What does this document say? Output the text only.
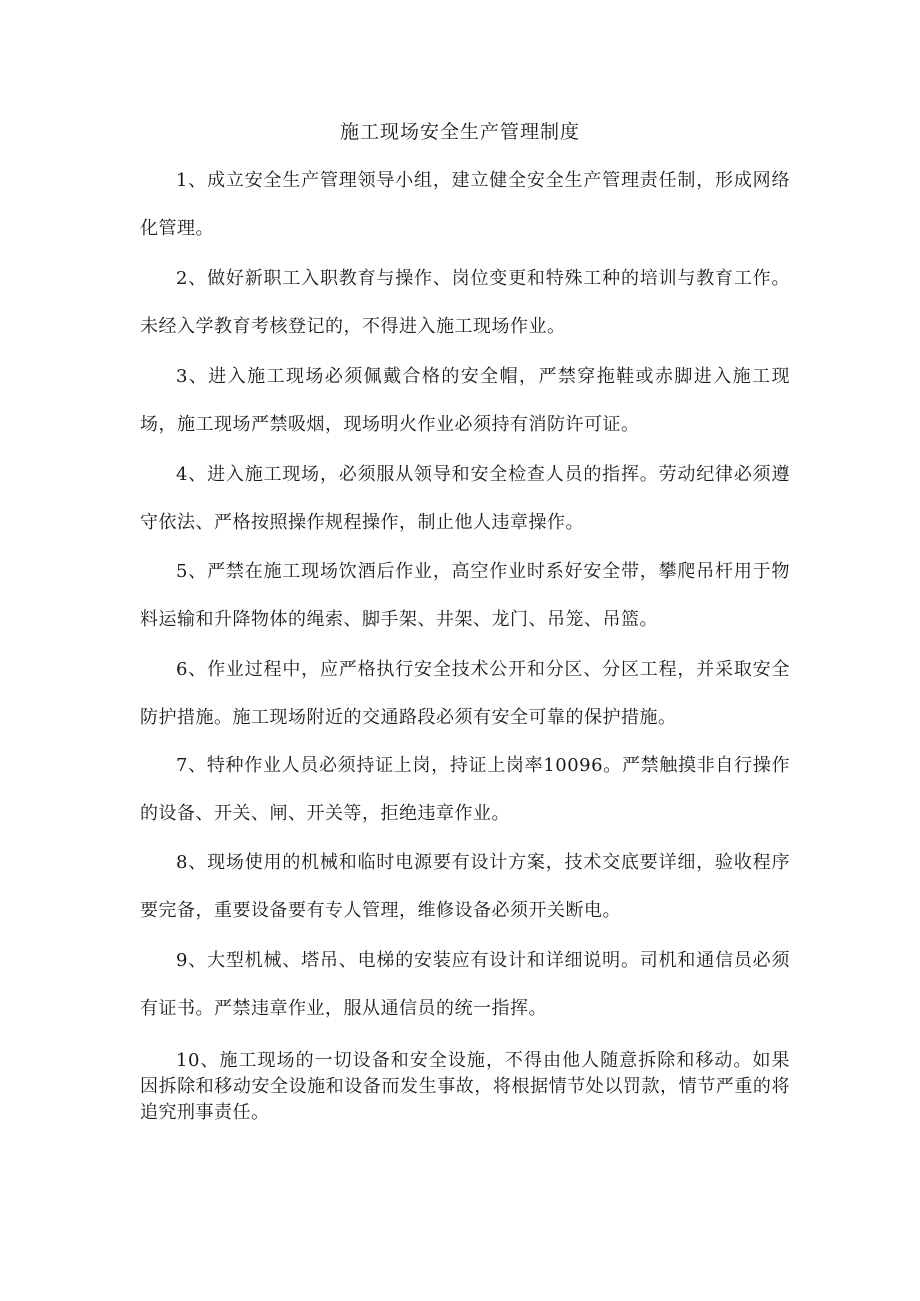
施工现场安全生产管理制度

1、成立安全生产管理领导小组，建立健全安全生产管理责任制，形成网络化管理。

2、做好新职工入职教育与操作、岗位变更和特殊工种的培训与教育工作。未经入学教育考核登记的，不得进入施工现场作业。

3、进入施工现场必须佩戴合格的安全帽，严禁穿拖鞋或赤脚进入施工现场，施工现场严禁吸烟，现场明火作业必须持有消防许可证。

4、进入施工现场，必须服从领导和安全检查人员的指挥。劳动纪律必须遵守依法、严格按照操作规程操作，制止他人违章操作。

5、严禁在施工现场饮酒后作业，高空作业时系好安全带，攀爬吊杆用于物料运输和升降物体的绳索、脚手架、井架、龙门、吊笼、吊篮。

6、作业过程中，应严格执行安全技术公开和分区、分区工程，并采取安全防护措施。施工现场附近的交通路段必须有安全可靠的保护措施。

7、特种作业人员必须持证上岗，持证上岗率10096。严禁触摸非自行操作的设备、开关、闸、开关等，拒绝违章作业。

8、现场使用的机械和临时电源要有设计方案，技术交底要详细，验收程序要完备，重要设备要有专人管理，维修设备必须开关断电。

9、大型机械、塔吊、电梯的安装应有设计和详细说明。司机和通信员必须有证书。严禁违章作业，服从通信员的统一指挥。

10、施工现场的一切设备和安全设施，不得由他人随意拆除和移动。如果因拆除和移动安全设施和设备而发生事故，将根据情节处以罚款，情节严重的将追究刑事责任。
